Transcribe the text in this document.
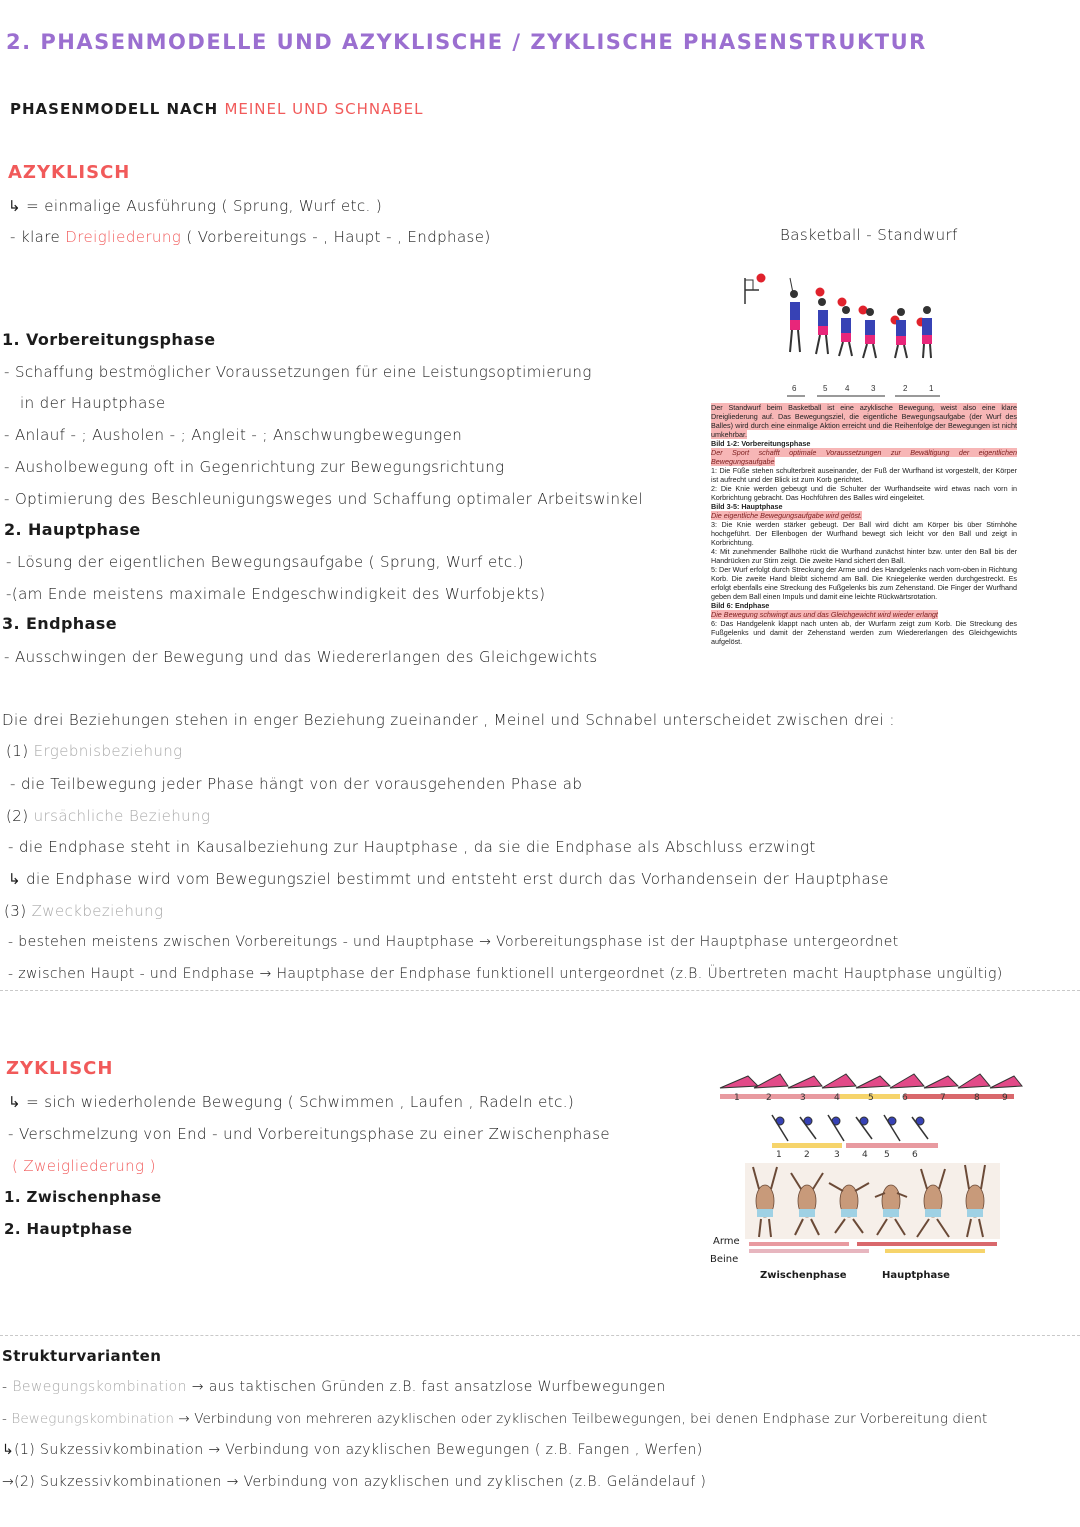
2. PHASENMODELLE UND AZYKLISCHE / ZYKLISCHE PHASENSTRUKTUR
PHASENMODELL NACH MEINEL UND SCHNABEL
AZYKLISCH
↳ = einmalige Ausführung ( Sprung, Wurf etc. )
- klare Dreigliederung ( Vorbereitungs - , Haupt - , Endphase)
1. Vorbereitungsphase
- Schaffung bestmöglicher Voraussetzungen für eine Leistungsoptimierung
in der Hauptphase
- Anlauf - ; Ausholen - ; Angleit - ; Anschwungbewegungen
- Ausholbewegung oft in Gegenrichtung zur Bewegungsrichtung
- Optimierung des Beschleunigungsweges und Schaffung optimaler Arbeitswinkel
2. Hauptphase
- Lösung der eigentlichen Bewegungsaufgabe ( Sprung, Wurf etc.)
-(am Ende meistens maximale Endgeschwindigkeit des Wurfobjekts)
3. Endphase
- Ausschwingen der Bewegung und das Wiedererlangen des Gleichgewichts
Basketball - Standwurf
6	5 4	3	2	1
Der Standwurf beim Basketball ist eine azyklische Bewegung, weist also eine klare Dreigliederung auf. Das Bewegungsziel, die eigentliche Bewegungsaufgabe (der Wurf des Balles) wird durch eine einmalige Aktion erreicht und die Reihenfolge der Bewegungen ist nicht umkehrbar.
Bild 1-2: Vorbereitungsphase
Der Sport schafft optimale Voraussetzungen zur Bewältigung der eigentlichen Bewegungsaufgabe
1: Die Füße stehen schulterbreit auseinander, der Fuß der Wurfhand ist vorgestellt, der Körper ist aufrecht und der Blick ist zum Korb gerichtet.
2: Die Knie werden gebeugt und die Schulter der Wurfhandseite wird etwas nach vorn in Korbrichtung gebracht. Das Hochführen des Balles wird eingeleitet.
Bild 3-5: Hauptphase
Die eigentliche Bewegungsaufgabe wird gelöst.
3: Die Knie werden stärker gebeugt. Der Ball wird dicht am Körper bis über Stirnhöhe hochgeführt. Der Ellenbogen der Wurfhand bewegt sich leicht vor den Ball und zeigt in Korbrichtung.
4: Mit zunehmender Ballhöhe rückt die Wurfhand zunächst hinter bzw. unter den Ball bis der Handrücken zur Stirn zeigt. Die zweite Hand sichert den Ball.
5: Der Wurf erfolgt durch Streckung der Arme und des Handgelenks nach vorn-oben in Richtung Korb. Die zweite Hand bleibt sichernd am Ball. Die Kniegelenke werden durchgestreckt. Es erfolgt ebenfalls eine Streckung des Fußgelenks bis zum Zehenstand. Die Finger der Wurfhand geben dem Ball einen Impuls und damit eine leichte Rückwärtsrotation.
Bild 6: Endphase
Die Bewegung schwingt aus und das Gleichgewicht wird wieder erlangt
6: Das Handgelenk klappt nach unten ab, der Wurfarm zeigt zum Korb. Die Streckung des Fußgelenks und damit der Zehenstand werden zum Wiedererlangen des Gleichgewichts aufgelöst.
Die drei Beziehungen stehen in enger Beziehung zueinander , Meinel und Schnabel unterscheidet zwischen drei :
(1) Ergebnisbeziehung
- die Teilbewegung jeder Phase hängt von der vorausgehenden Phase ab
(2) ursächliche Beziehung
- die Endphase steht in Kausalbeziehung zur Hauptphase , da sie die Endphase als Abschluss erzwingt
↳ die Endphase wird vom Bewegungsziel bestimmt und entsteht erst durch das Vorhandensein der Hauptphase
(3) Zweckbeziehung
- bestehen meistens zwischen Vorbereitungs - und Hauptphase → Vorbereitungsphase ist der Hauptphase untergeordnet
- zwischen Haupt - und Endphase → Hauptphase der Endphase funktionell untergeordnet (z.B. Übertreten macht Hauptphase ungültig)
ZYKLISCH
↳ = sich wiederholende Bewegung ( Schwimmen , Laufen , Radeln etc.)
- Verschmelzung von End - und Vorbereitungsphase zu einer Zwischenphase
( Zweigliederung )
1. Zwischenphase
2. Hauptphase
1	2	3	4	5	6	7	8 9
1 2	3 4 5 6
Arme
Beine
Zwischenphase	Hauptphase
Strukturvarianten
- Bewegungskombination → aus taktischen Gründen z.B. fast ansatzlose Wurfbewegungen
- Bewegungskombination → Verbindung von mehreren azyklischen oder zyklischen Teilbewegungen, bei denen Endphase zur Vorbereitung dient
↳(1) Sukzessivkombination → Verbindung von azyklischen Bewegungen ( z.B. Fangen , Werfen)
→(2) Sukzessivkombinationen → Verbindung von azyklischen und zyklischen (z.B. Geländelauf )
